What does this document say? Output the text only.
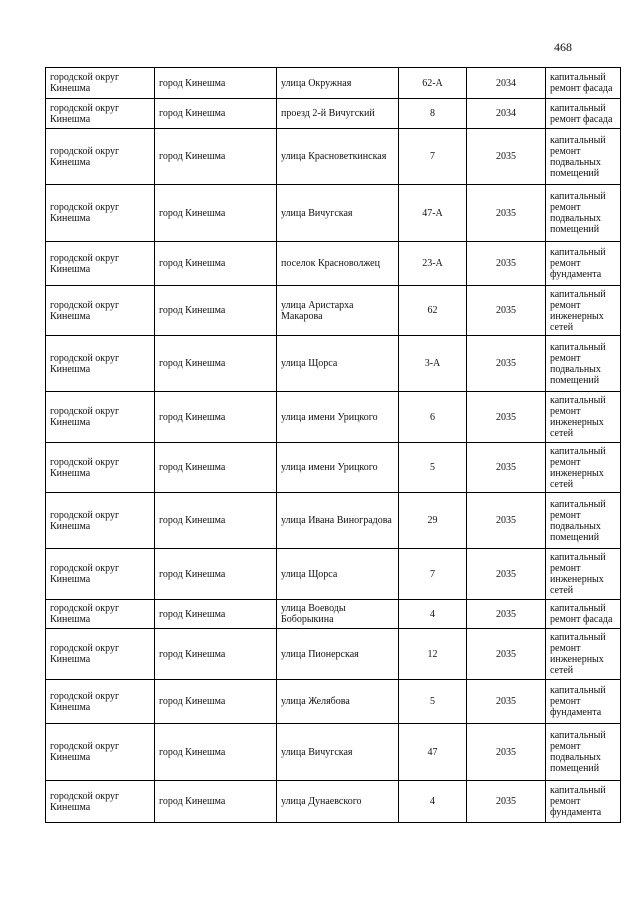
468
городской округ Кинешма	город Кинешма	улица Окружная	62-А	2034	капитальный ремонт фасада
городской округ Кинешма	город Кинешма	проезд 2-й Вичугский	8	2034	капитальный ремонт фасада
городской округ Кинешма	город Кинешма	улица Красноветкинская	7	2035	капитальный ремонт подвальных помещений
городской округ Кинешма	город Кинешма	улица Вичугская	47-А	2035	капитальный ремонт подвальных помещений
городской округ Кинешма	город Кинешма	поселок Красноволжец	23-А	2035	капитальный ремонт фундамента
городской округ Кинешма	город Кинешма	улица Аристарха Макарова	62	2035	капитальный ремонт инженерных сетей
городской округ Кинешма	город Кинешма	улица Щорса	3-А	2035	капитальный ремонт подвальных помещений
городской округ Кинешма	город Кинешма	улица имени Урицкого	6	2035	капитальный ремонт инженерных сетей
городской округ Кинешма	город Кинешма	улица имени Урицкого	5	2035	капитальный ремонт инженерных сетей
городской округ Кинешма	город Кинешма	улица Ивана Виноградова	29	2035	капитальный ремонт подвальных помещений
городской округ Кинешма	город Кинешма	улица Щорса	7	2035	капитальный ремонт инженерных сетей
городской округ Кинешма	город Кинешма	улица Воеводы Боборыкина	4	2035	капитальный ремонт фасада
городской округ Кинешма	город Кинешма	улица Пионерская	12	2035	капитальный ремонт инженерных сетей
городской округ Кинешма	город Кинешма	улица Желябова	5	2035	капитальный ремонт фундамента
городской округ Кинешма	город Кинешма	улица Вичугская	47	2035	капитальный ремонт подвальных помещений
городской округ Кинешма	город Кинешма	улица Дунаевского	4	2035	капитальный ремонт фундамента
